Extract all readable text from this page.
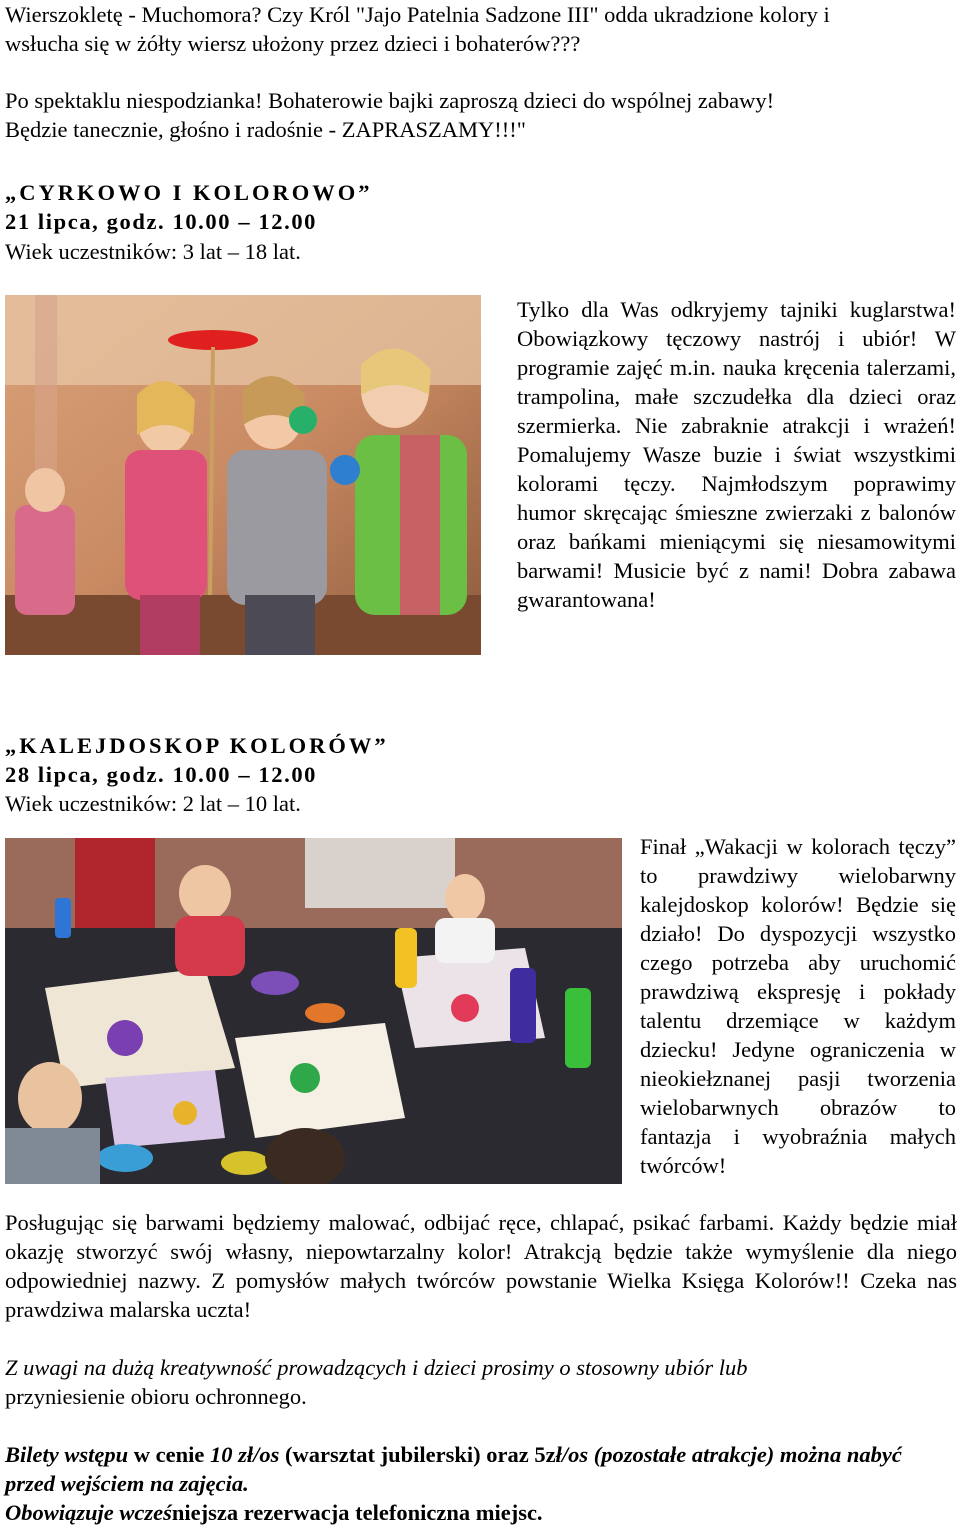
Wierszokletę - Muchomora? Czy Król "Jajo Patelnia Sadzone III" odda ukradzione kolory i
wsłucha się w żółty wiersz ułożony przez dzieci i bohaterów???
Po spektaklu niespodzianka! Bohaterowie bajki zaproszą dzieci do wspólnej zabawy!
Będzie tanecznie, głośno i radośnie - ZAPRASZAMY!!!"
„CYRKOWO I KOLOROWO”
21 lipca, godz. 10.00 – 12.00
Wiek uczestników: 3 lat – 18 lat.
Tylko dla Was odkryjemy tajniki kuglarstwa! Obowiązkowy tęczowy nastrój i ubiór! W programie zajęć m.in. nauka kręcenia talerzami, trampolina, małe szczudełka dla dzieci oraz szermierka. Nie zabraknie atrakcji i wrażeń! Pomalujemy Wasze buzie i świat wszystkimi kolorami tęczy. Najmłodszym poprawimy humor skręcając śmieszne zwierzaki z balonów oraz bańkami mieniącymi się niesamowitymi barwami! Musicie być z nami! Dobra zabawa gwarantowana!
„KALEJDOSKOP KOLORÓW”
28 lipca, godz. 10.00 – 12.00
Wiek uczestników: 2 lat – 10 lat.
Finał „Wakacji w kolorach tęczy” to prawdziwy wielobarwny kalejdoskop kolorów! Będzie się działo! Do dyspozycji wszystko czego potrzeba aby uruchomić prawdziwą ekspresję i pokłady talentu drzemiące w każdym dziecku! Jedyne ograniczenia w nieokiełznanej pasji tworzenia wielobarwnych obrazów to fantazja i wyobraźnia małych twórców!
Posługując się barwami będziemy malować, odbijać ręce, chlapać, psikać farbami. Każdy będzie miał okazję stworzyć swój własny, niepowtarzalny kolor! Atrakcją będzie także wymyślenie dla niego odpowiedniej nazwy. Z pomysłów małych twórców powstanie Wielka Księga Kolorów!! Czeka nas prawdziwa malarska uczta!
Z uwagi na dużą kreatywność prowadzących i dzieci prosimy o stosowny ubiór lub
przyniesienie obioru ochronnego.
Bilety wstępu w cenie 10 zł/os (warsztat jubilerski) oraz 5zł/os (pozostałe atrakcje) można nabyć przed wejściem na zajęcia.
Obowiązuje wcześniejsza rezerwacja telefoniczna miejsc.
